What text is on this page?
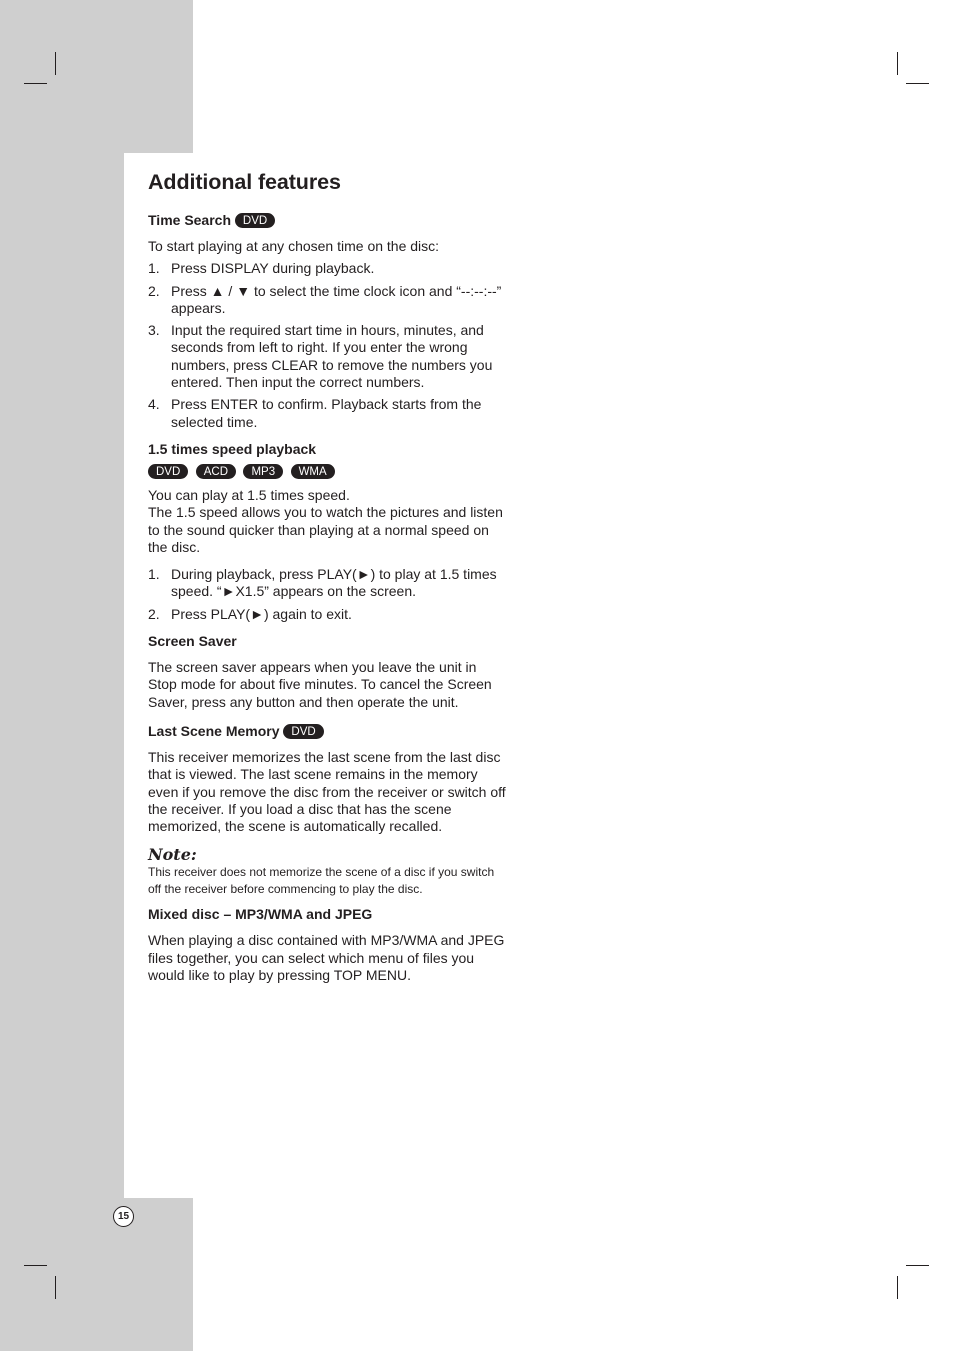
Additional features
Time Search DVD

To start playing at any chosen time on the disc:

1. Press DISPLAY during playback.
2. Press ▲ / ▼ to select the time clock icon and “--:--:--” appears.
3. Input the required start time in hours, minutes, and seconds from left to right. If you enter the wrong numbers, press CLEAR to remove the numbers you entered. Then input the correct numbers.
4. Press ENTER to confirm. Playback starts from the selected time.
1.5 times speed playback
DVD ACD MP3 WMA

You can play at 1.5 times speed.

The 1.5 speed allows you to watch the pictures and listen to the sound quicker than playing at a normal speed on the disc.

1. During playback, press PLAY(►) to play at 1.5 times speed. “►X1.5” appears on the screen.
2. Press PLAY(►) again to exit.
Screen Saver

The screen saver appears when you leave the unit in Stop mode for about five minutes. To cancel the Screen Saver, press any button and then operate the unit.

Last Scene Memory DVD

This receiver memorizes the last scene from the last disc that is viewed. The last scene remains in the memory even if you remove the disc from the receiver or switch off the receiver. If you load a disc that has the scene memorized, the scene is automatically recalled.

Note:
This receiver does not memorize the scene of a disc if you switch off the receiver before commencing to play the disc.
Mixed disc – MP3/WMA and JPEG

When playing a disc contained with MP3/WMA and JPEG files together, you can select which menu of files you would like to play by pressing TOP MENU.

15
